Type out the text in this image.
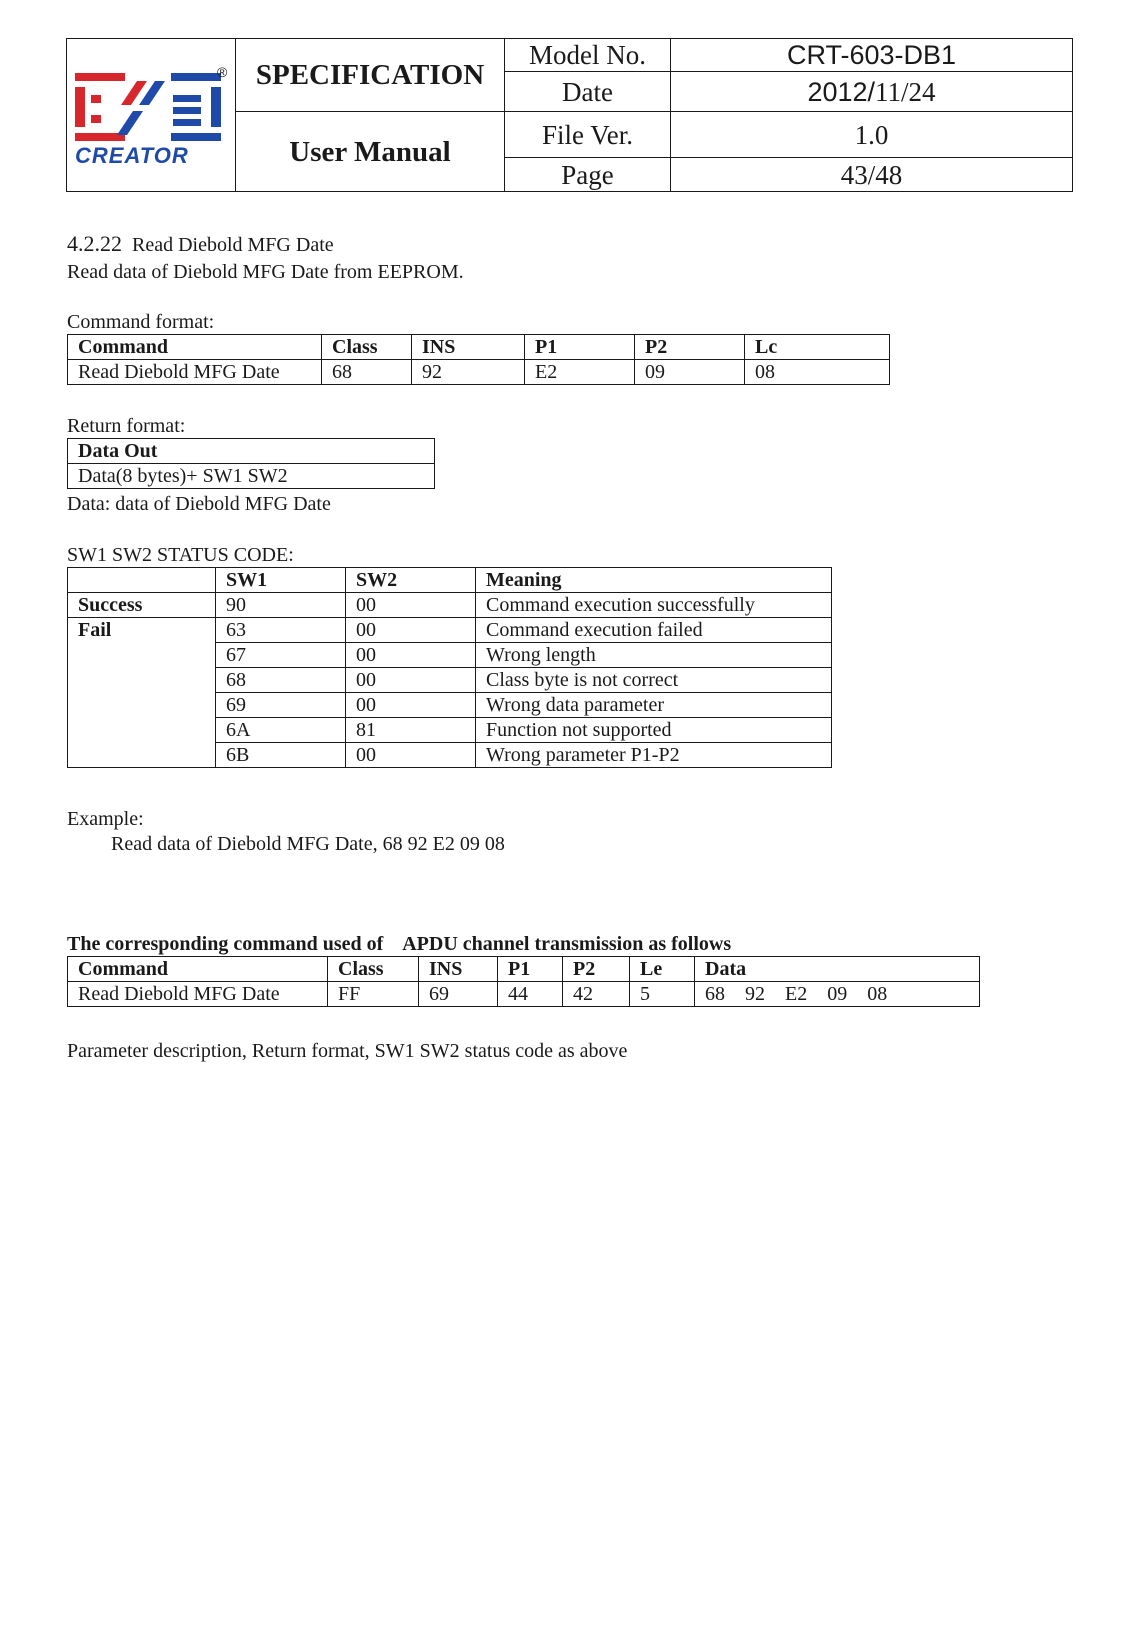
®
CREATOR	SPECIFICATION	Model No.	CRT-603-DB1
		Date	2012/11/24
	User Manual	File Ver.	1.0
		Page	43/48
4.2.22 Read Diebold MFG Date
Read data of Diebold MFG Date from EEPROM.
Command format:
Command	Class	INS	P1	P2	Lc
Read Diebold MFG Date	68	92	E2	09	08
Return format:
Data Out
Data(8 bytes)+ SW1 SW2
Data: data of Diebold MFG Date
SW1 SW2 STATUS CODE:
	SW1	SW2	Meaning
Success	90	00	Command execution successfully
Fail	63	00	Command execution failed
	67	00	Wrong length
	68	00	Class byte is not correct
	69	00	Wrong data parameter
	6A	81	Function not supported
	6B	00	Wrong parameter P1-P2
Example:
Read data of Diebold MFG Date, 68 92 E2 09 08
The corresponding command used of    APDU channel transmission as follows
Command	Class	INS	P1	P2	Le	Data
Read Diebold MFG Date	FF	69	44	42	5	68    92    E2    09    08
Parameter description, Return format, SW1 SW2 status code as above
